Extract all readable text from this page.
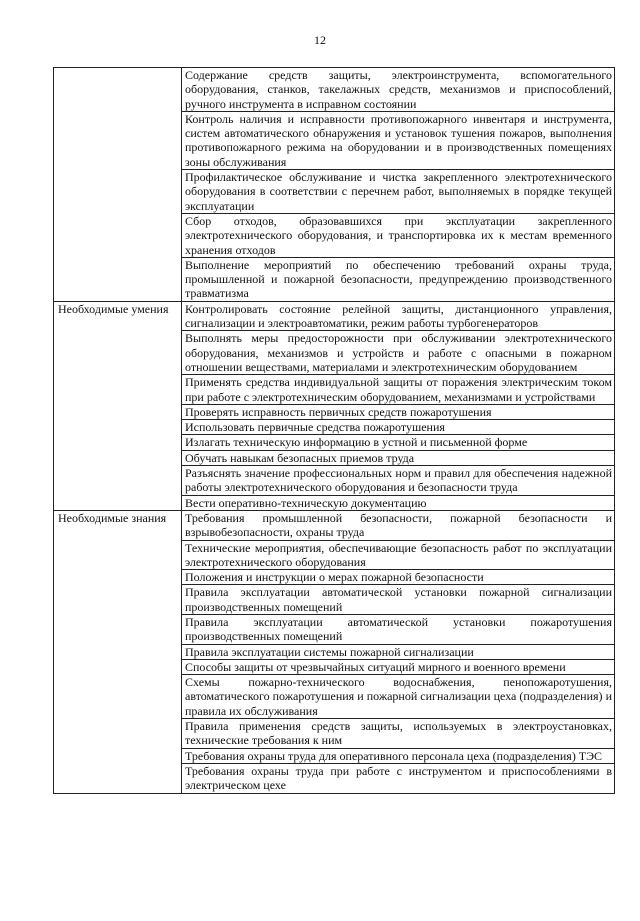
12
	Содержание средств защиты, электроинструмента, вспомогательного оборудования, станков, такелажных средств, механизмов и приспособлений, ручного инструмента в исправном состоянии
	Контроль наличия и исправности противопожарного инвентаря и инструмента, систем автоматического обнаружения и установок тушения пожаров, выполнения противопожарного режима на оборудовании и в производственных помещениях зоны обслуживания
	Профилактическое обслуживание и чистка закрепленного электротехнического оборудования в соответствии с перечнем работ, выполняемых в порядке текущей эксплуатации
	Сбор отходов, образовавшихся при эксплуатации закрепленного электротехнического оборудования, и транспортировка их к местам временного хранения отходов
	Выполнение мероприятий по обеспечению требований охраны труда, промышленной и пожарной безопасности, предупреждению производственного травматизма
Необходимые умения	Контролировать состояние релейной защиты, дистанционного управления, сигнализации и электроавтоматики, режим работы турбогенераторов
	Выполнять меры предосторожности при обслуживании электротехнического оборудования, механизмов и устройств и работе с опасными в пожарном отношении веществами, материалами и электротехническим оборудованием
	Применять средства индивидуальной защиты от поражения электрическим током при работе с электротехническим оборудованием, механизмами и устройствами
	Проверять исправность первичных средств пожаротушения
	Использовать первичные средства пожаротушения
	Излагать техническую информацию в устной и письменной форме
	Обучать навыкам безопасных приемов труда
	Разъяснять значение профессиональных норм и правил для обеспечения надежной работы электротехнического оборудования и безопасности труда
	Вести оперативно-техническую документацию
Необходимые знания	Требования промышленной безопасности, пожарной безопасности и взрывобезопасности, охраны труда
	Технические мероприятия, обеспечивающие безопасность работ по эксплуатации электротехнического оборудования
	Положения и инструкции о мерах пожарной безопасности
	Правила эксплуатации автоматической установки пожарной сигнализации производственных помещений
	Правила эксплуатации автоматической установки пожаротушения производственных помещений
	Правила эксплуатации системы пожарной сигнализации
	Способы защиты от чрезвычайных ситуаций мирного и военного времени
	Схемы пожарно-технического водоснабжения, пенопожаротушения, автоматического пожаротушения и пожарной сигнализации цеха (подразделения) и правила их обслуживания
	Правила применения средств защиты, используемых в электроустановках, технические требования к ним
	Требования охраны труда для оперативного персонала цеха (подразделения) ТЭС
	Требования охраны труда при работе с инструментом и приспособлениями в электрическом цехе
